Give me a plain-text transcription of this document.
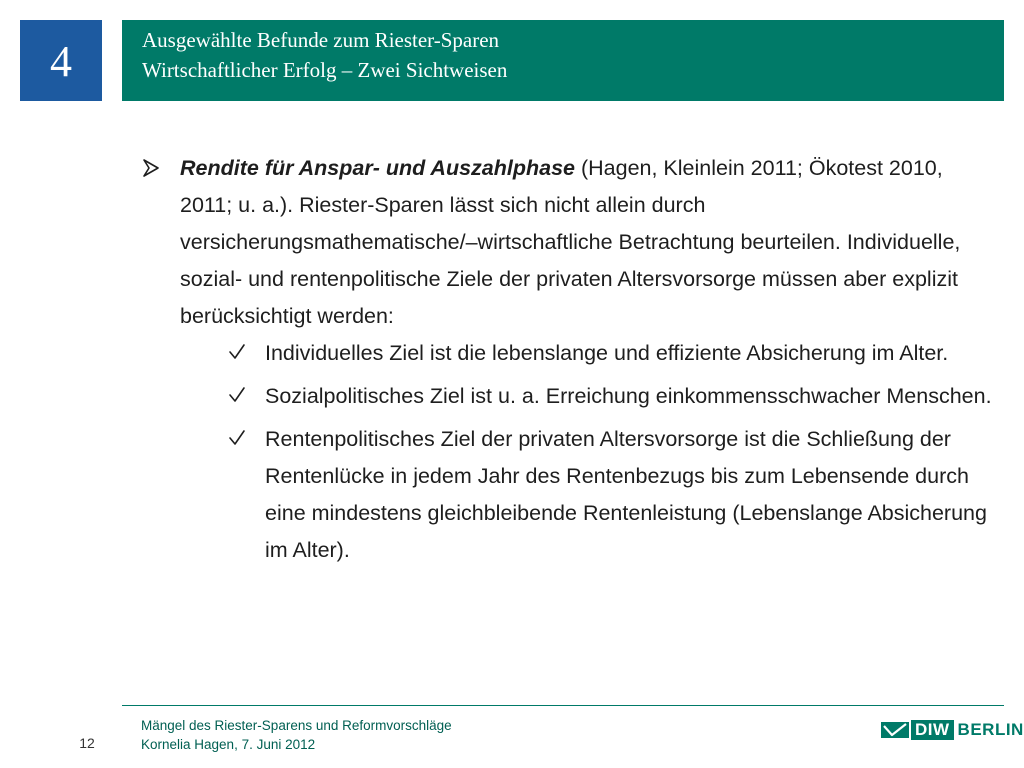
4	Ausgewählte Befunde zum Riester-Sparen
Wirtschaftlicher Erfolg – Zwei Sichtweisen
Rendite für Anspar- und Auszahlphase (Hagen, Kleinlein 2011; Ökotest 2010, 2011; u. a.). Riester-Sparen lässt sich nicht allein durch versicherungsmathematische/–wirtschaftliche Betrachtung beurteilen. Individuelle, sozial- und rentenpolitische Ziele der privaten Altersvorsorge müssen aber explizit berücksichtigt werden:
Individuelles Ziel ist die lebenslange und effiziente Absicherung im Alter.
Sozialpolitisches Ziel ist u. a. Erreichung einkommensschwacher Menschen.
Rentenpolitisches Ziel der privaten Altersvorsorge ist die Schließung der Rentenlücke in jedem Jahr des Rentenbezugs bis zum Lebensende durch eine mindestens gleichbleibende Rentenleistung (Lebenslange Absicherung im Alter).
12
Mängel des Riester-Sparens und Reformvorschläge
Kornelia Hagen, 7. Juni 2012
DIW BERLIN
